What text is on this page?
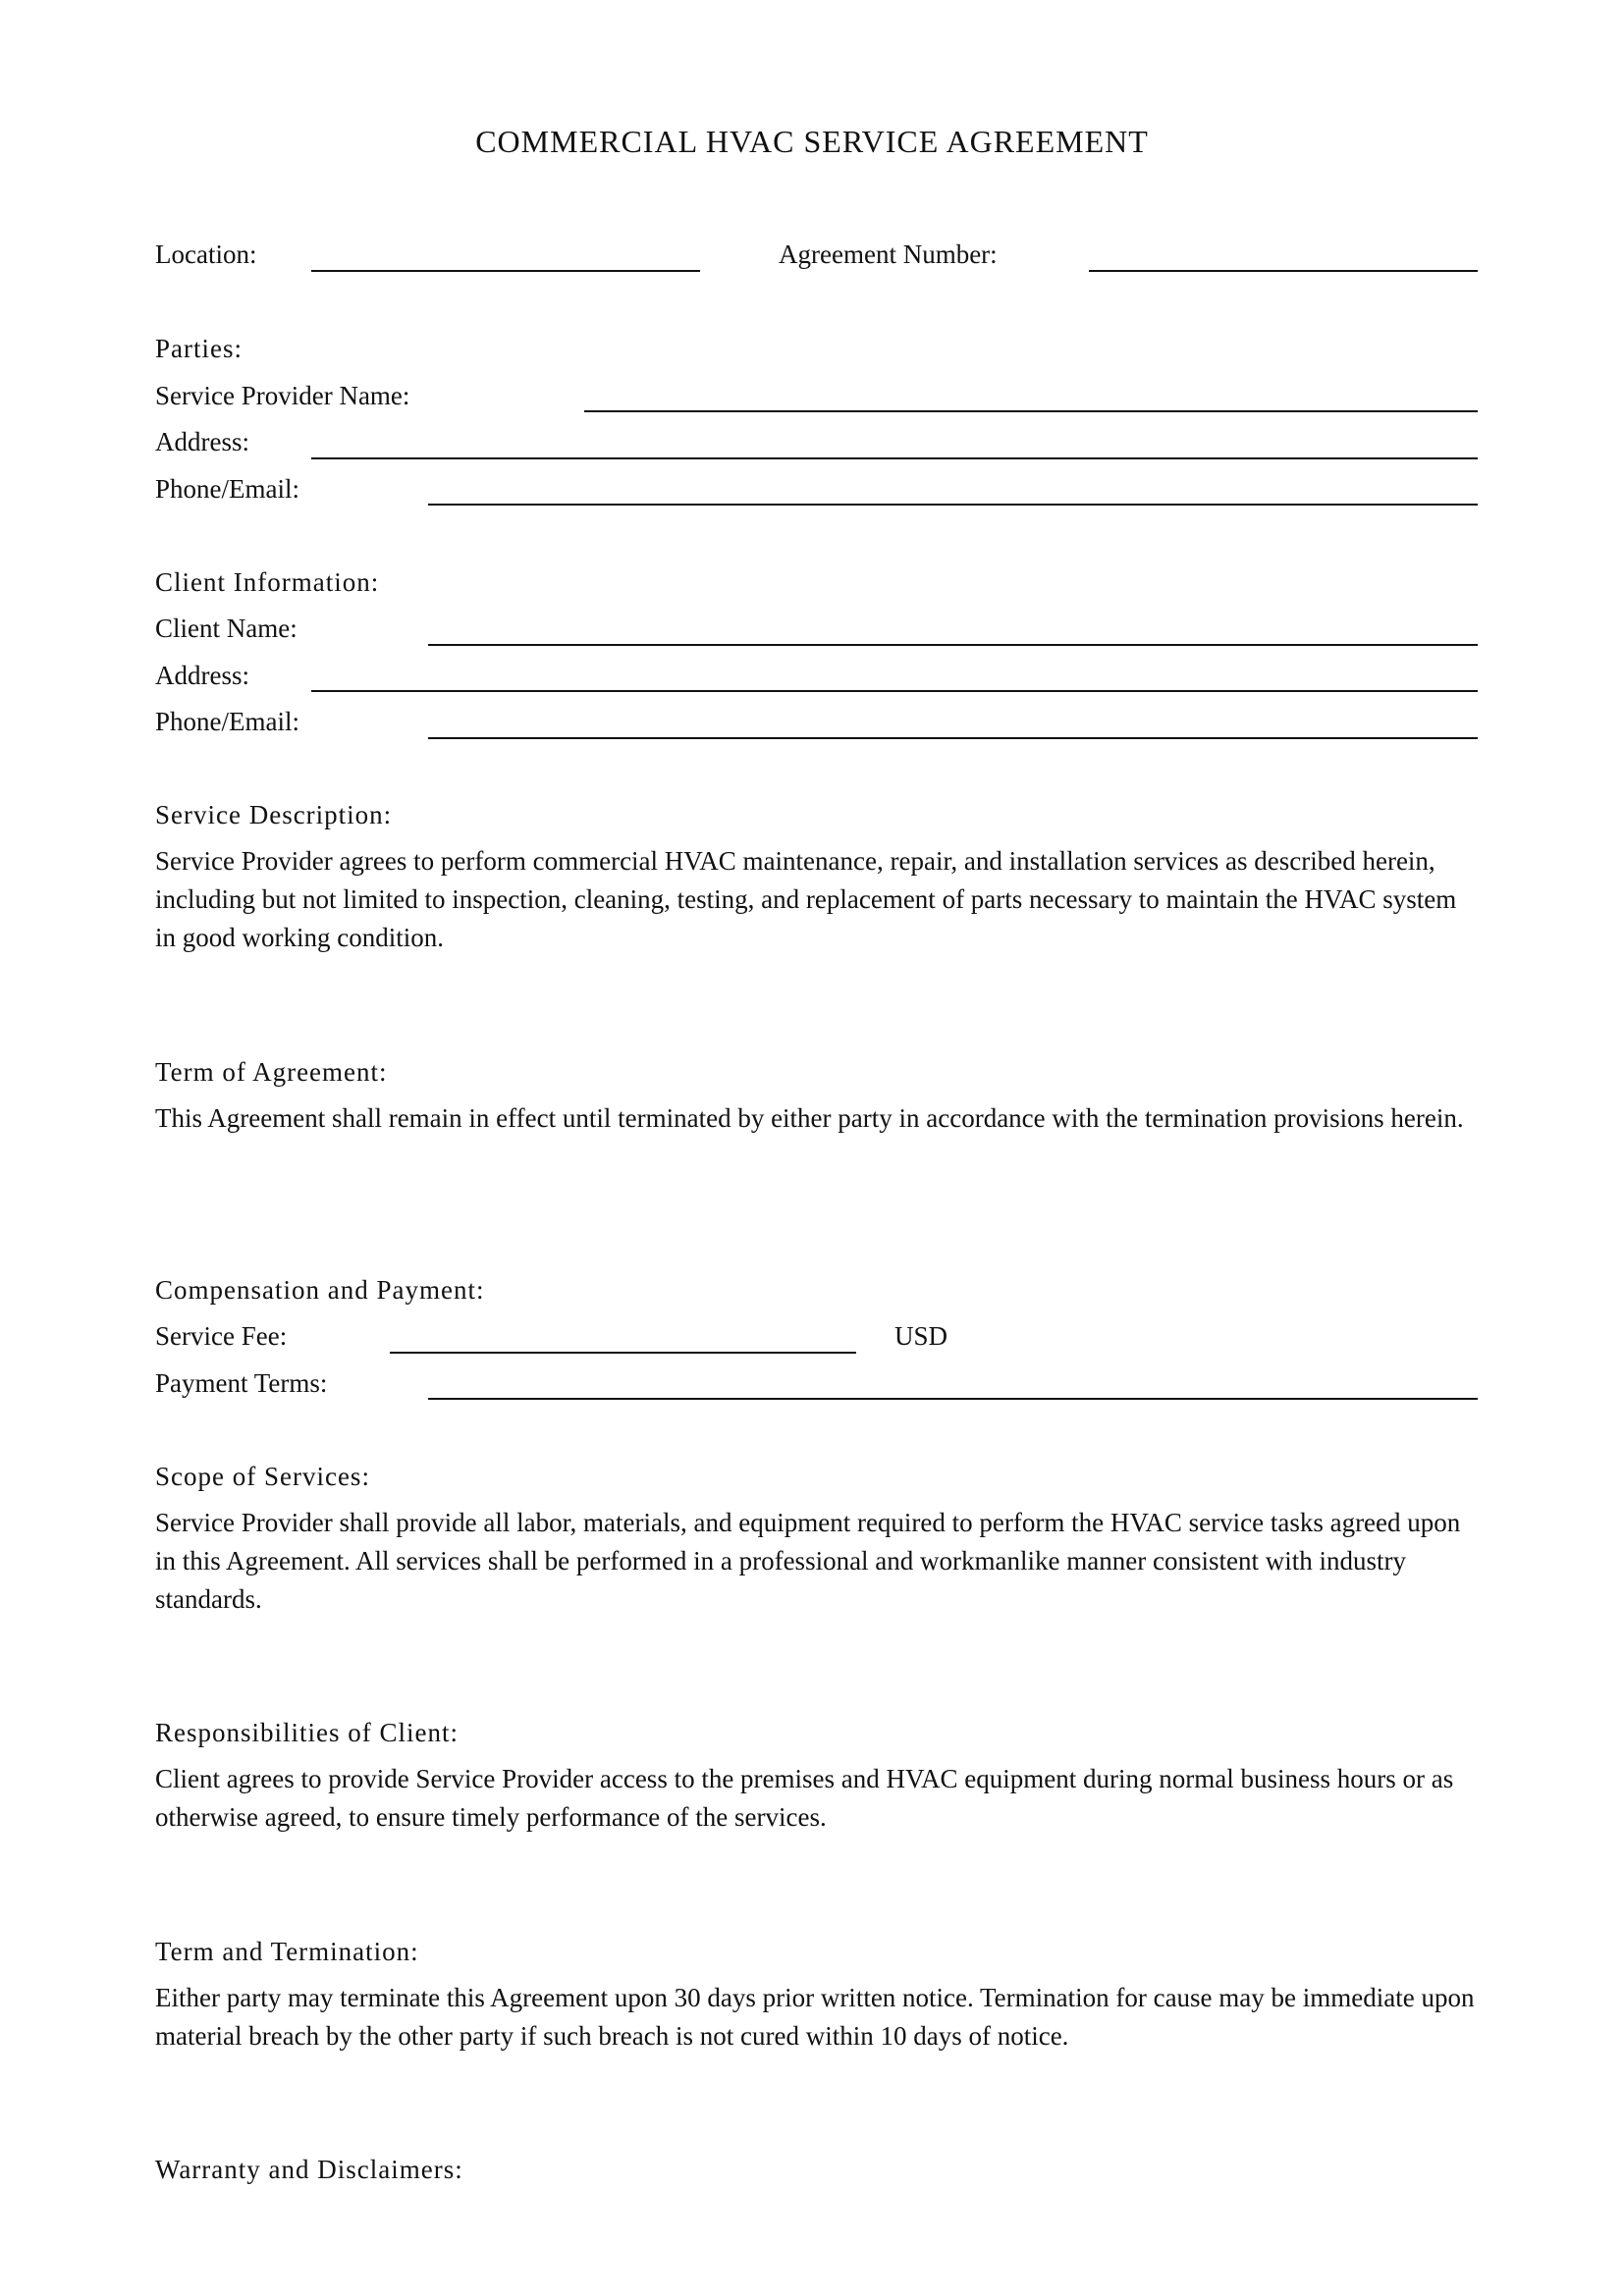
COMMERCIAL HVAC SERVICE AGREEMENT
Location:	Agreement Number:
Parties:
Service Provider Name:
Address:
Phone/Email:
Client Information:
Client Name:
Address:
Phone/Email:
Service Description:
Service Provider agrees to perform commercial HVAC maintenance, repair, and installation services as described herein, including but not limited to inspection, cleaning, testing, and replacement of parts necessary to maintain the HVAC system in good working condition.
Term of Agreement:
This Agreement shall remain in effect until terminated by either party in accordance with the termination provisions herein.
Compensation and Payment:
Service Fee:	USD
Payment Terms:
Scope of Services:
Service Provider shall provide all labor, materials, and equipment required to perform the HVAC service tasks agreed upon in this Agreement. All services shall be performed in a professional and workmanlike manner consistent with industry standards.
Responsibilities of Client:
Client agrees to provide Service Provider access to the premises and HVAC equipment during normal business hours or as otherwise agreed, to ensure timely performance of the services.
Term and Termination:
Either party may terminate this Agreement upon 30 days prior written notice. Termination for cause may be immediate upon material breach by the other party if such breach is not cured within 10 days of notice.
Warranty and Disclaimers:
